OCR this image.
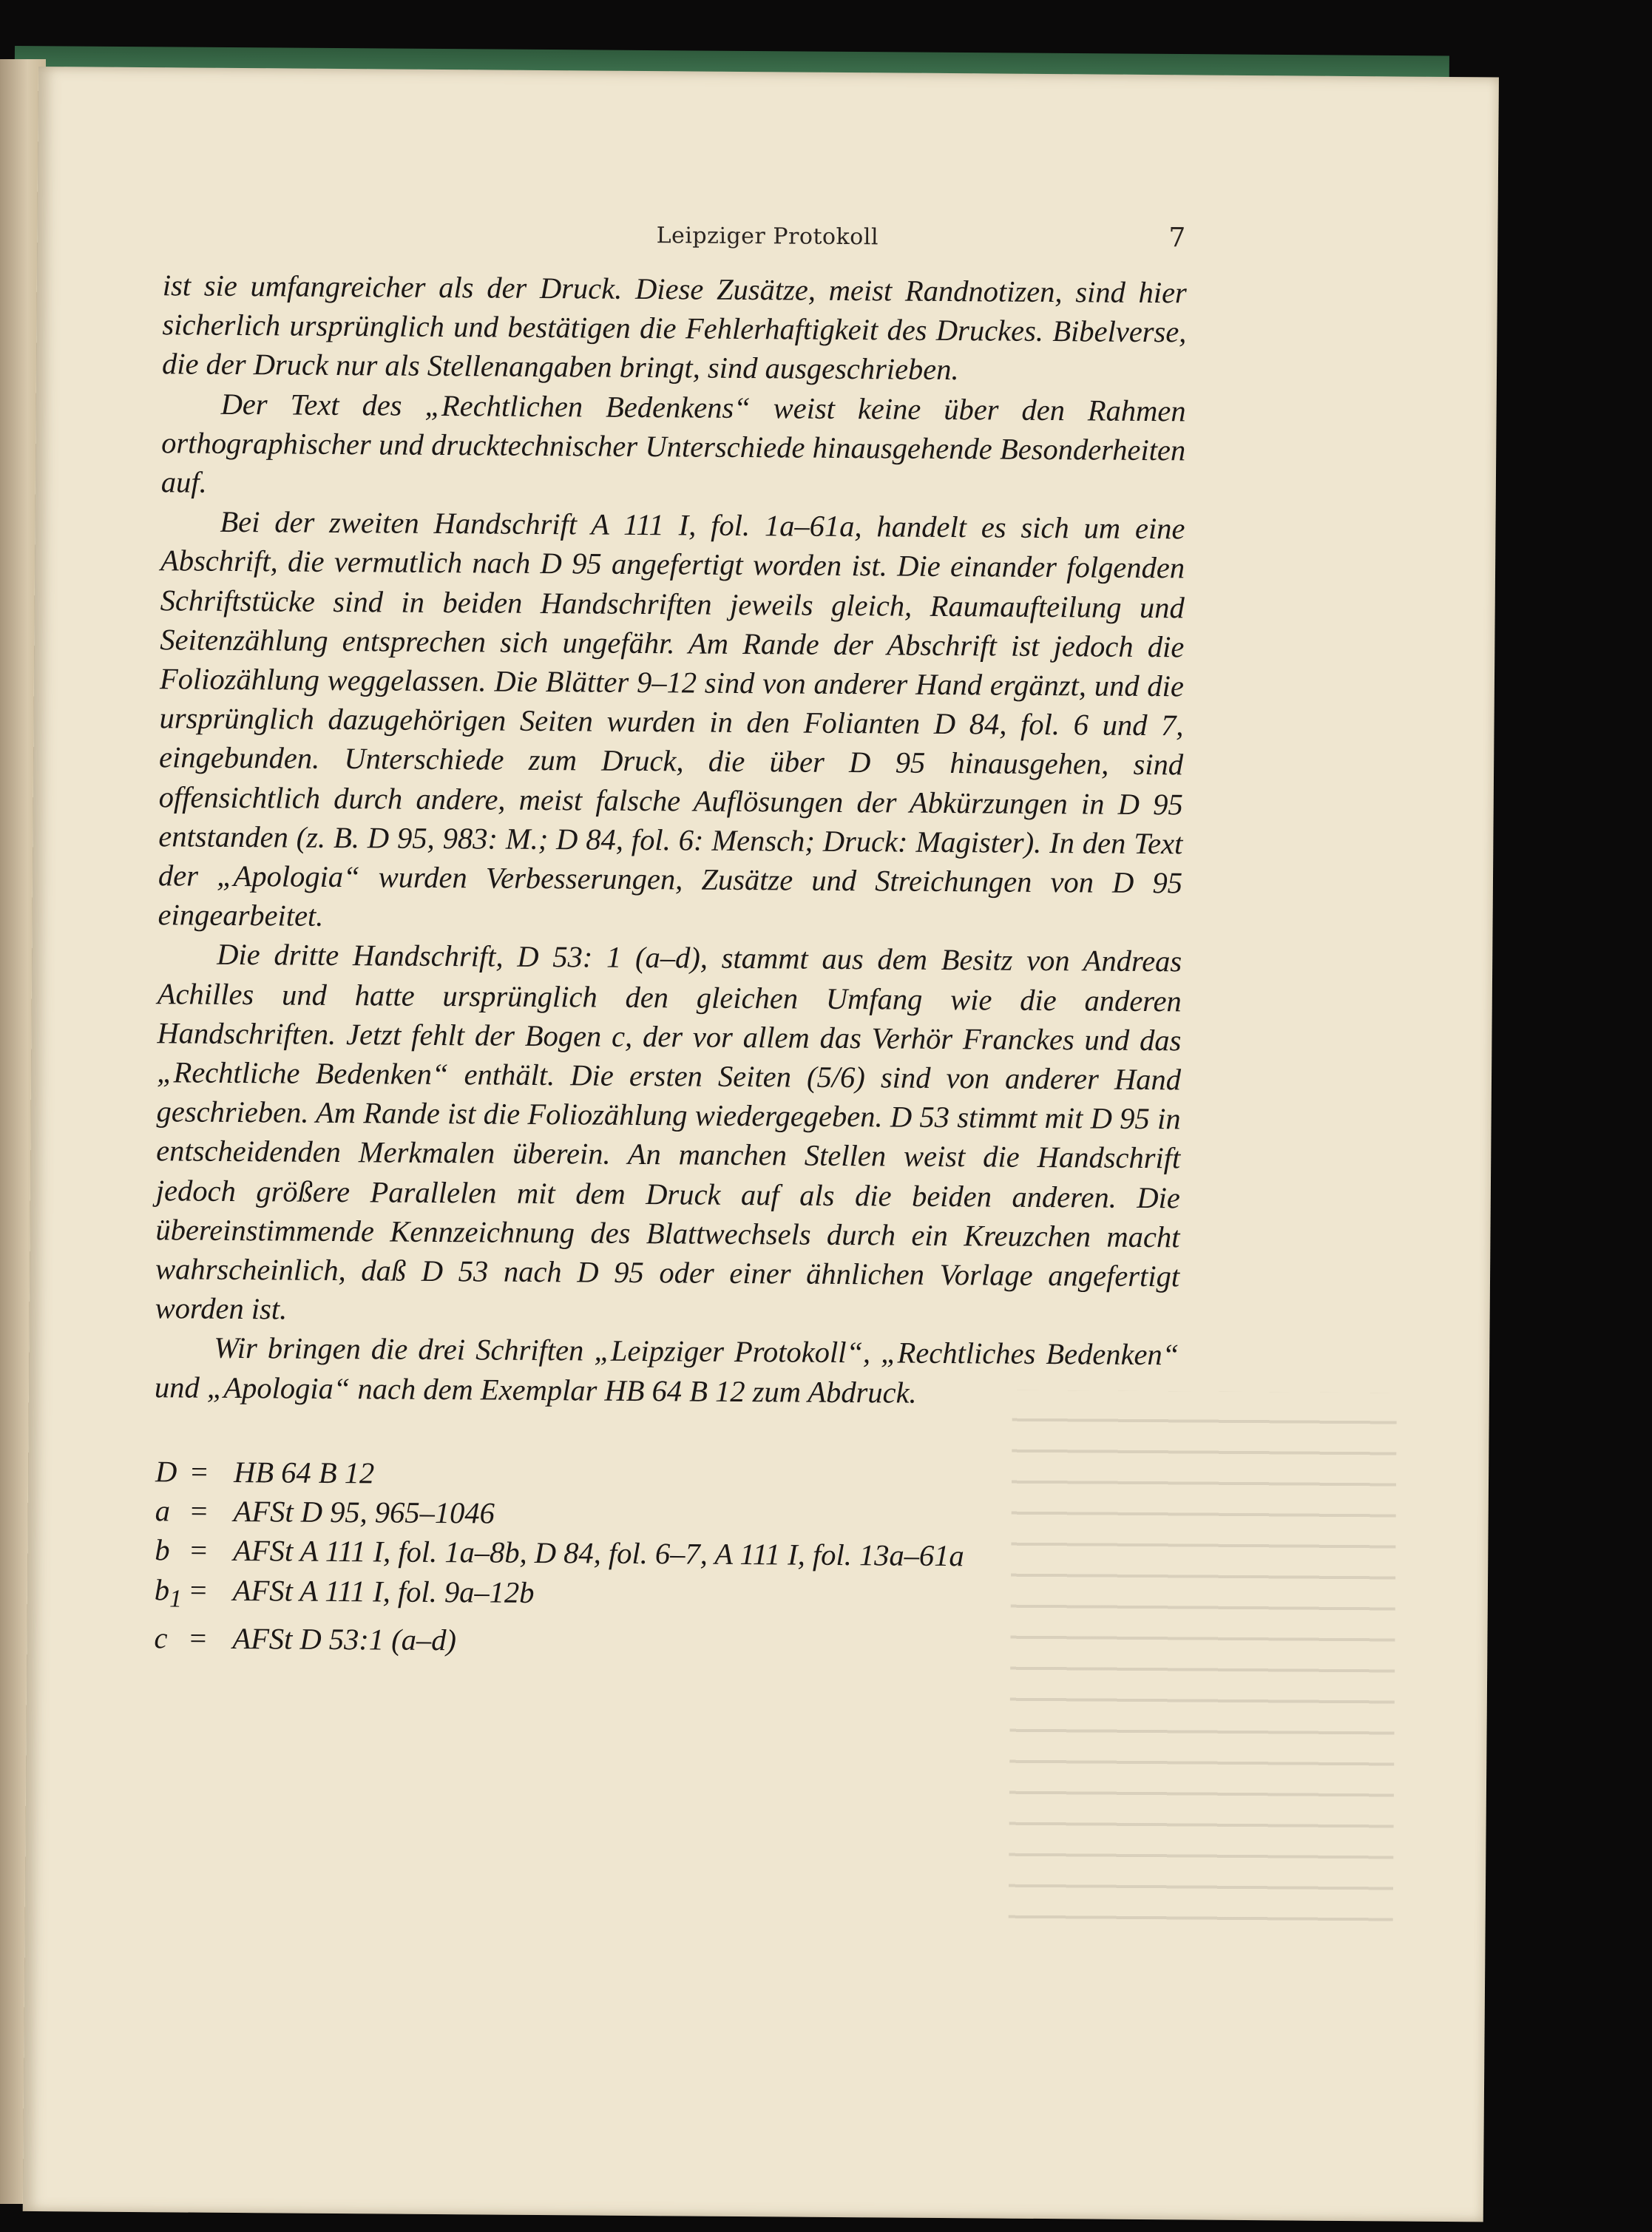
Leipziger Protokoll	7

ist sie umfangreicher als der Druck. Diese Zusätze, meist Randnotizen, sind hier sicherlich ursprünglich und bestätigen die Fehlerhaftigkeit des Druckes. Bibelverse, die der Druck nur als Stellenangaben bringt, sind ausgeschrieben.

Der Text des „Rechtlichen Bedenkens“ weist keine über den Rahmen orthographischer und drucktechnischer Unterschiede hinausgehende Besonderheiten auf.

Bei der zweiten Handschrift A 111 I, fol. 1a–61a, handelt es sich um eine Abschrift, die vermutlich nach D 95 angefertigt worden ist. Die einander folgenden Schriftstücke sind in beiden Handschriften jeweils gleich, Raumaufteilung und Seitenzählung entsprechen sich ungefähr. Am Rande der Abschrift ist jedoch die Foliozählung weggelassen. Die Blätter 9–12 sind von anderer Hand ergänzt, und die ursprünglich dazugehörigen Seiten wurden in den Folianten D 84, fol. 6 und 7, eingebunden. Unterschiede zum Druck, die über D 95 hinausgehen, sind offensichtlich durch andere, meist falsche Auflösungen der Abkürzungen in D 95 entstanden (z. B. D 95, 983: M.; D 84, fol. 6: Mensch; Druck: Magister). In den Text der „Apologia“ wurden Verbesserungen, Zusätze und Streichungen von D 95 eingearbeitet.

Die dritte Handschrift, D 53: 1 (a–d), stammt aus dem Besitz von Andreas Achilles und hatte ursprünglich den gleichen Umfang wie die anderen Handschriften. Jetzt fehlt der Bogen c, der vor allem das Verhör Franckes und das „Rechtliche Bedenken“ enthält. Die ersten Seiten (5/6) sind von anderer Hand geschrieben. Am Rande ist die Foliozählung wiedergegeben. D 53 stimmt mit D 95 in entscheidenden Merkmalen überein. An manchen Stellen weist die Handschrift jedoch größere Parallelen mit dem Druck auf als die beiden anderen. Die übereinstimmende Kennzeichnung des Blattwechsels durch ein Kreuzchen macht wahrscheinlich, daß D 53 nach D 95 oder einer ähnlichen Vorlage angefertigt worden ist.

Wir bringen die drei Schriften „Leipziger Protokoll“, „Rechtliches Bedenken“ und „Apologia“ nach dem Exemplar HB 64 B 12 zum Abdruck.

D = HB 64 B 12
a = AFSt D 95, 965–1046
b = AFSt A 111 I, fol. 1a–8b, D 84, fol. 6–7, A 111 I, fol. 13a–61a
$b_1$ = AFSt A 111 I, fol. 9a–12b
c = AFSt D 53:1 (a–d)
